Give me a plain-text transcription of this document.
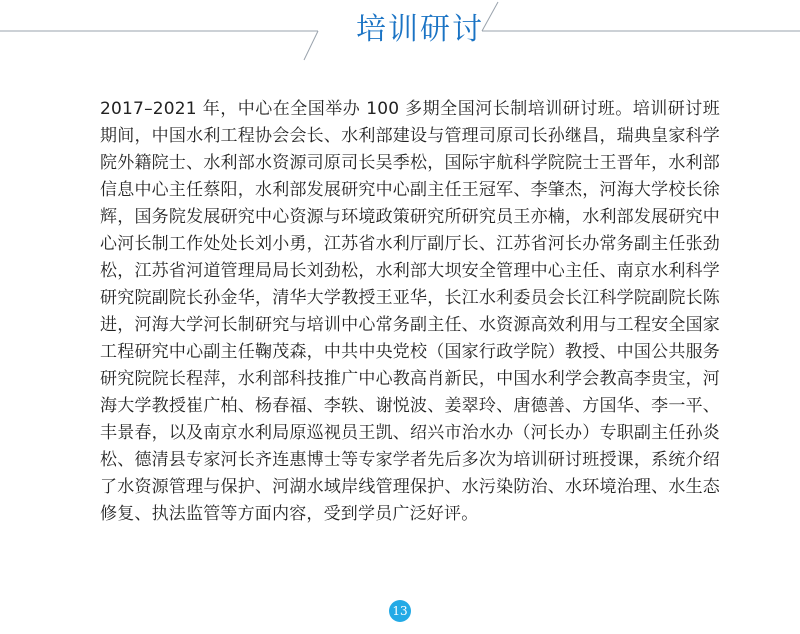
培训研讨

2017–2021 年，中心在全国举办 100 多期全国河长制培训研讨班。培训研讨班期间，中国水利工程协会会长、水利部建设与管理司原司长孙继昌，瑞典皇家科学院外籍院士、水利部水资源司原司长吴季松，国际宇航科学院院士王晋年，水利部信息中心主任蔡阳，水利部发展研究中心副主任王冠军、李肇杰，河海大学校长徐辉，国务院发展研究中心资源与环境政策研究所研究员王亦楠，水利部发展研究中心河长制工作处处长刘小勇，江苏省水利厅副厅长、江苏省河长办常务副主任张劲松，江苏省河道管理局局长刘劲松，水利部大坝安全管理中心主任、南京水利科学研究院副院长孙金华，清华大学教授王亚华，长江水利委员会长江科学院副院长陈进，河海大学河长制研究与培训中心常务副主任、水资源高效利用与工程安全国家工程研究中心副主任鞠茂森，中共中央党校（国家行政学院）教授、中国公共服务研究院院长程萍，水利部科技推广中心教高肖新民，中国水利学会教高李贵宝，河海大学教授崔广柏、杨春福、李轶、谢悦波、姜翠玲、唐德善、方国华、李一平、丰景春，以及南京水利局原巡视员王凯、绍兴市治水办（河长办）专职副主任孙炎松、德清县专家河长齐连惠博士等专家学者先后多次为培训研讨班授课，系统介绍了水资源管理与保护、河湖水域岸线管理保护、水污染防治、水环境治理、水生态修复、执法监管等方面内容，受到学员广泛好评。

13
